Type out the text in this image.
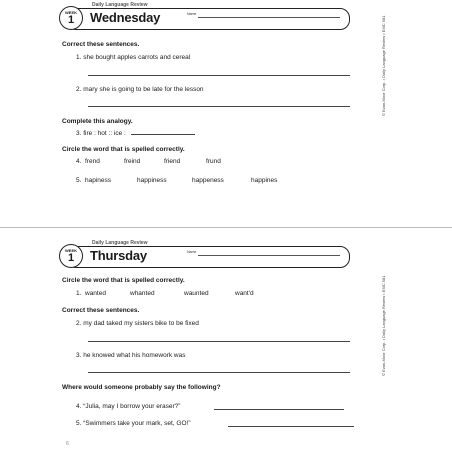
Daily Language Review
WEEK
1	Wednesday	Name
Correct these sentences.
1. she bought apples carrots and cereal
2. mary she is going to be late for the lesson
Complete this analogy.
3. fire : hot :: ice :
Circle the word that is spelled correctly.
4. frend	freind	friend	frund
5. hapiness	happiness	happeness	happines
Daily Language Review
WEEK
1	Thursday	Name
Circle the word that is spelled correctly.
1. wanted	whanted	waunted	want'd
Correct these sentences.
2. my dad taked my sisters bike to be fixed
3. he knowed what his homework was
Where would someone probably say the following?
4. “Julia, may I borrow your eraser?”
5. “Swimmers take your mark, set, GO!”
© Evan-Moor Corp. • Daily Language Review • EMC 581
© Evan-Moor Corp. • Daily Language Review • EMC 581
6
